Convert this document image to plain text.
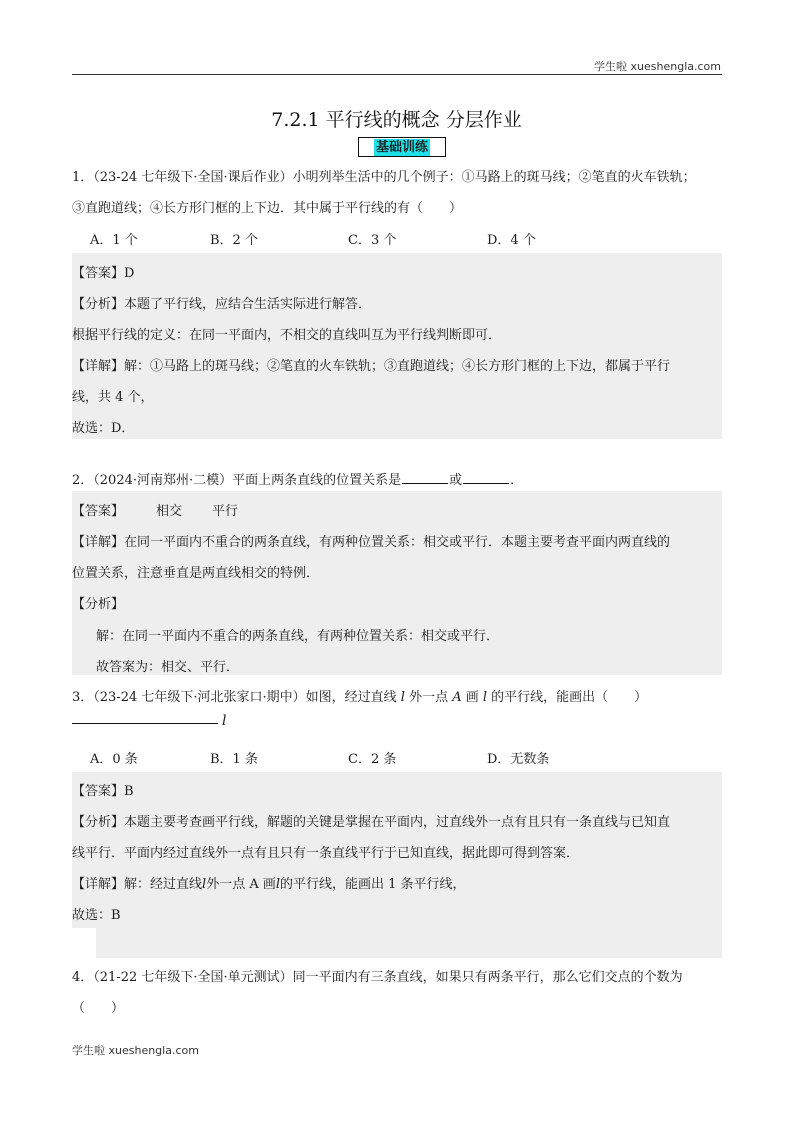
学生啦 xueshengla.com
7.2.1 平行线的概念 分层作业
基础训练
1．（23-24 七年级下·全国·课后作业）小明列举生活中的几个例子：①马路上的斑马线；②笔直的火车铁轨；
③直跑道线；④长方形门框的上下边．其中属于平行线的有（　　）
A．1 个	B．2 个	C．3 个	D．4 个
【答案】D
【分析】本题了平行线，应结合生活实际进行解答．
根据平行线的定义：在同一平面内，不相交的直线叫互为平行线判断即可．
【详解】解：①马路上的斑马线；②笔直的火车铁轨；③直跑道线；④长方形门框的上下边，都属于平行
线，共 4 个，
故选：D．
2．（2024·河南郑州·二模）平面上两条直线的位置关系是	或	．
【答案】 相交 平行
【详解】在同一平面内不重合的两条直线，有两种位置关系：相交或平行．本题主要考查平面内两直线的
位置关系，注意垂直是两直线相交的特例．
【分析】
解：在同一平面内不重合的两条直线，有两种位置关系：相交或平行．
故答案为：相交、平行．
3．（23-24 七年级下·河北张家口·期中）如图，经过直线 l 外一点 A 画 l 的平行线，能画出（　　）
l
A．0 条	B．1 条	C．2 条	D．无数条
【答案】B
【分析】本题主要考查画平行线，解题的关键是掌握在平面内，过直线外一点有且只有一条直线与已知直
线平行．平面内经过直线外一点有且只有一条直线平行于已知直线，据此即可得到答案．
【详解】解：经过直线l外一点 A 画l的平行线，能画出 1 条平行线，
故选：B
4．（21-22 七年级下·全国·单元测试）同一平面内有三条直线，如果只有两条平行，那么它们交点的个数为
（　　）
学生啦 xueshengla.com
